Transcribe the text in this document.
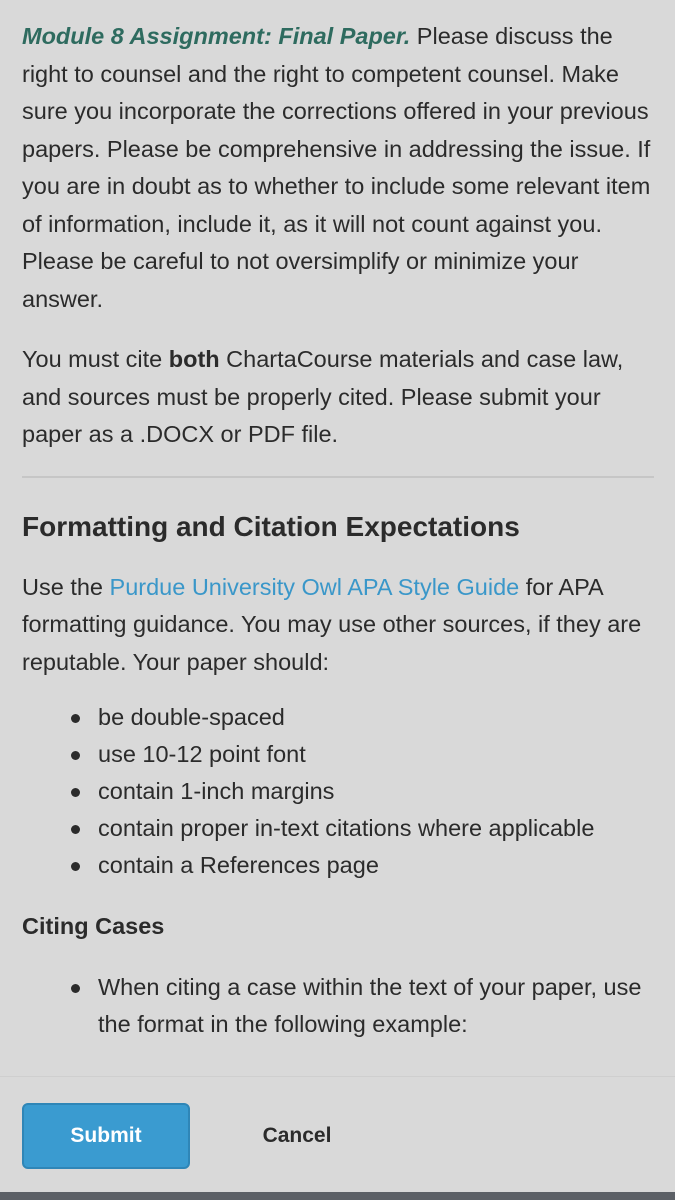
Module 8 Assignment: Final Paper. Please discuss the right to counsel and the right to competent counsel. Make sure you incorporate the corrections offered in your previous papers. Please be comprehensive in addressing the issue. If you are in doubt as to whether to include some relevant item of information, include it, as it will not count against you. Please be careful to not oversimplify or minimize your answer.

You must cite both ChartaCourse materials and case law, and sources must be properly cited. Please submit your paper as a .DOCX or PDF file.

Formatting and Citation Expectations

Use the Purdue University Owl APA Style Guide for APA formatting guidance. You may use other sources, if they are reputable. Your paper should:

be double-spaced
use 10-12 point font
contain 1-inch margins
contain proper in-text citations where applicable
contain a References page
Citing Cases
When citing a case within the text of your paper, use the format in the following example:
Submit	Cancel
